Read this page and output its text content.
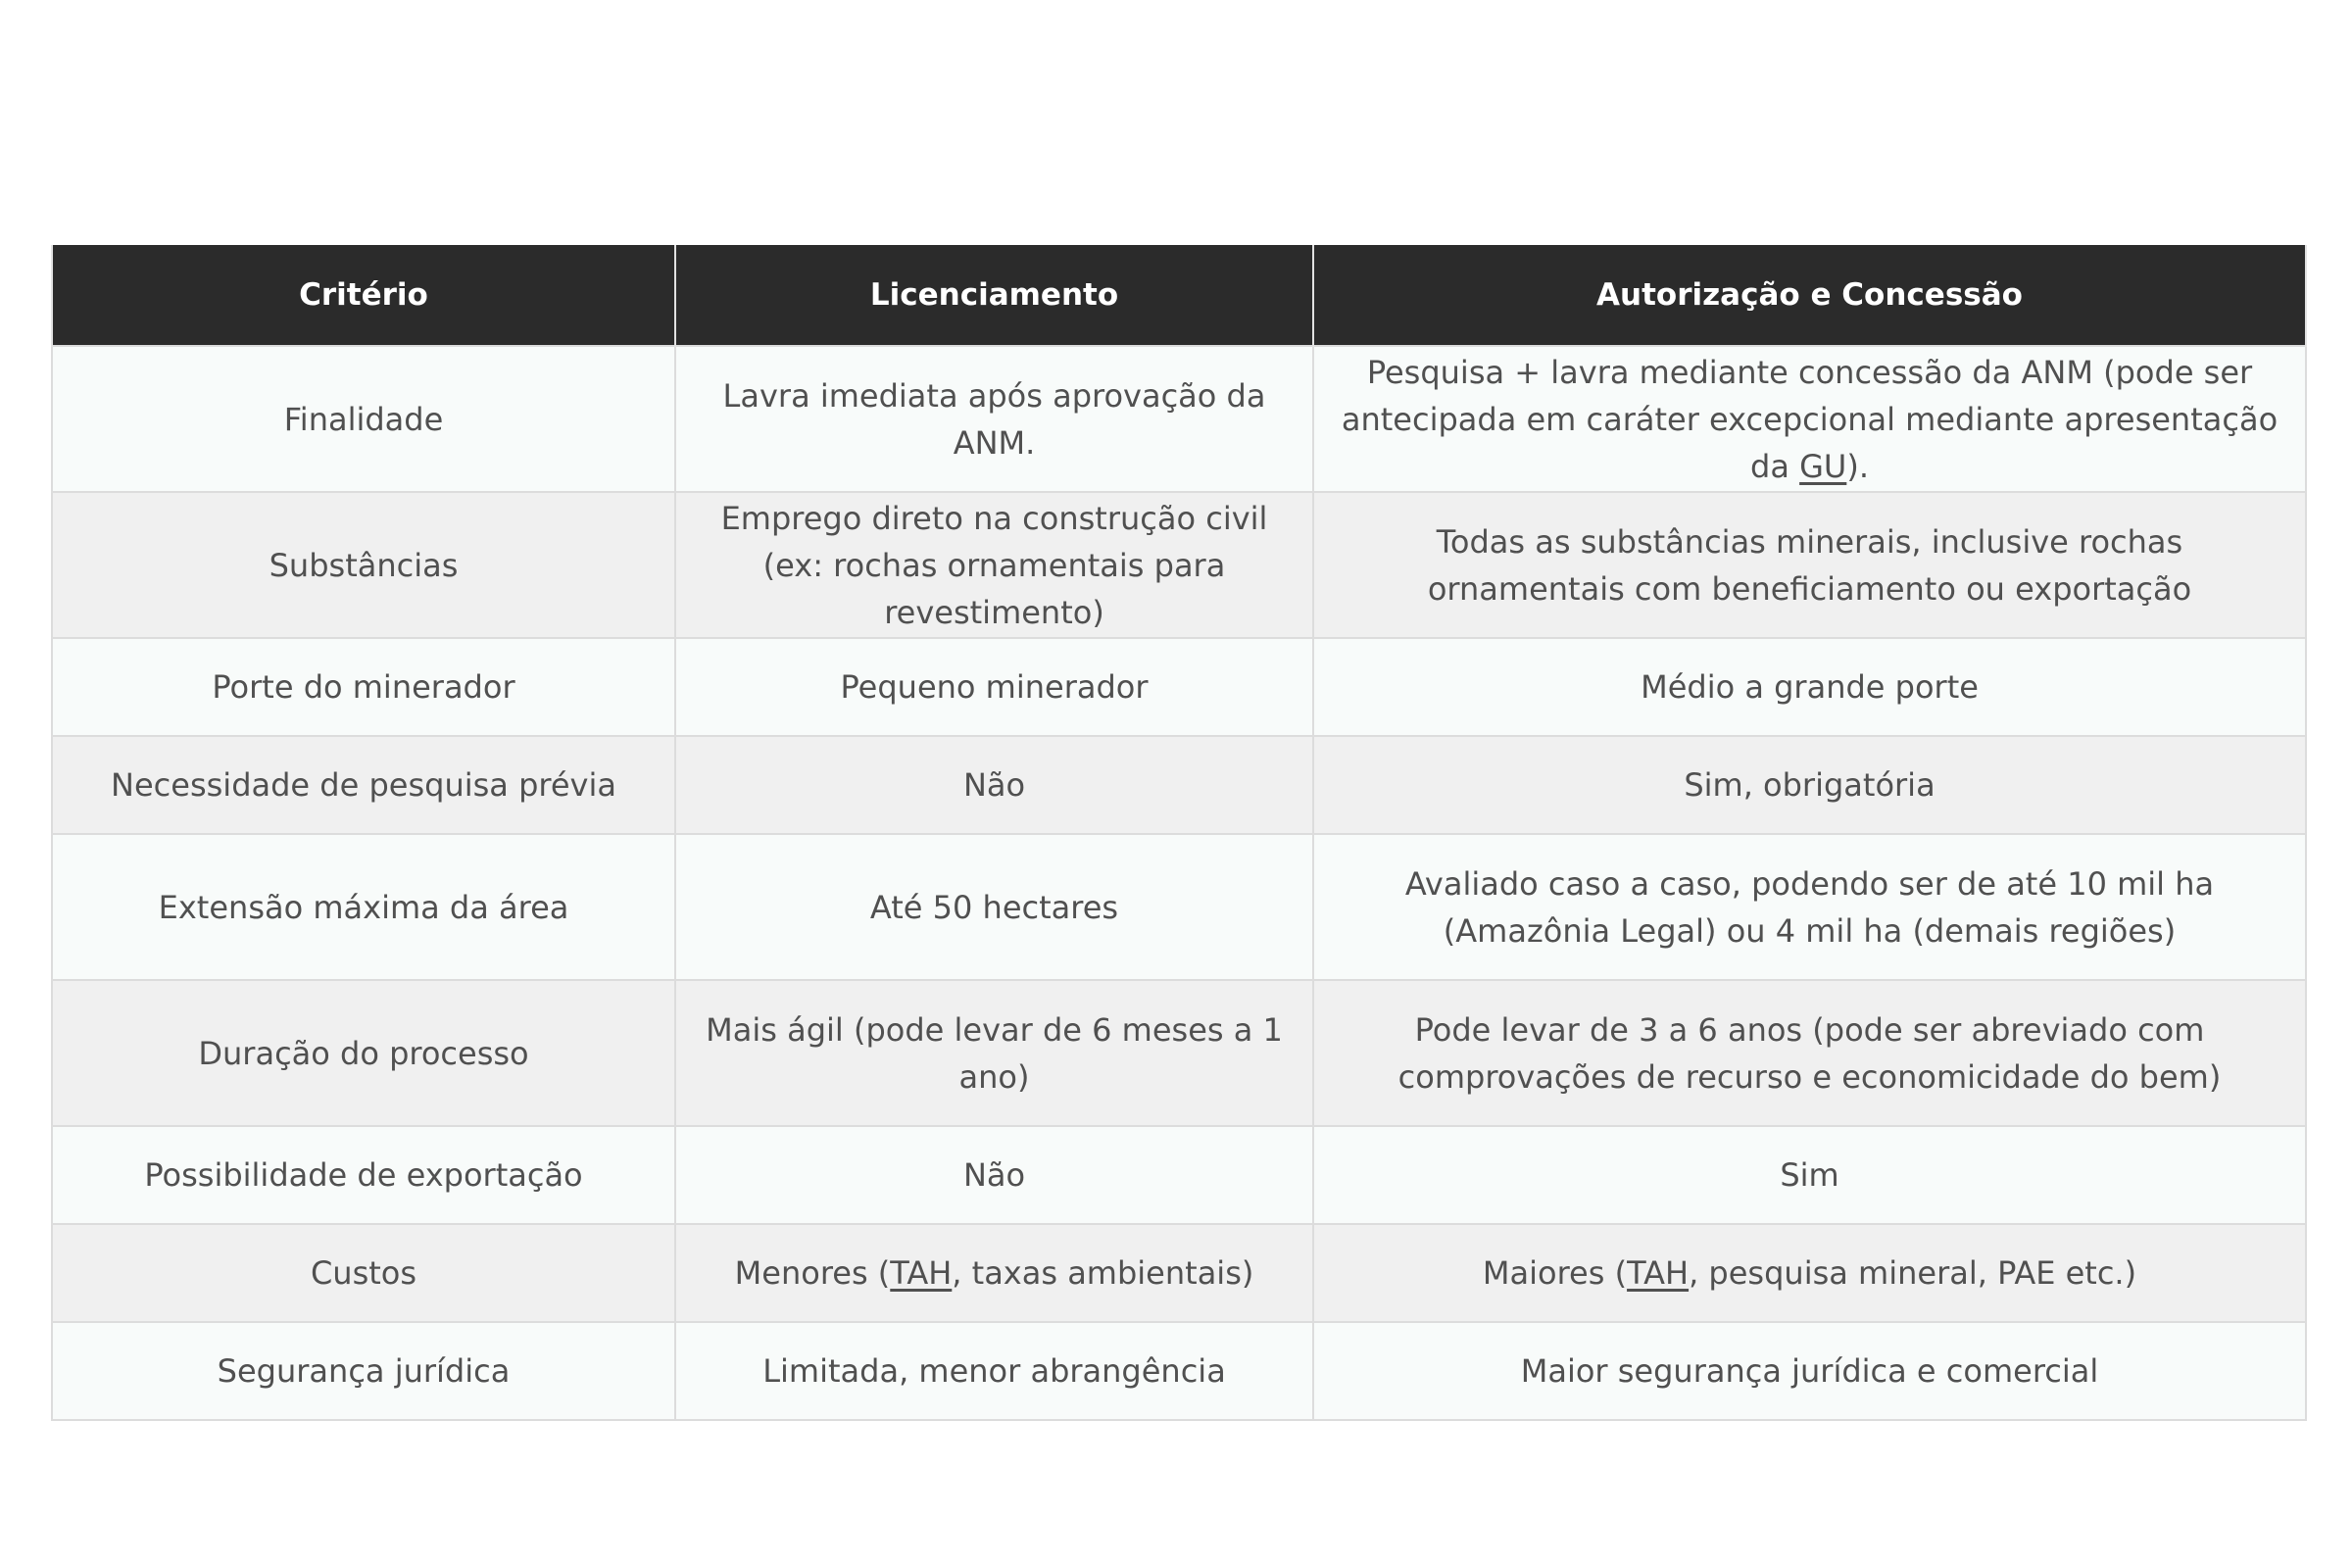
Critério	Licenciamento	Autorização e Concessão
Finalidade	Lavra imediata após aprovação da ANM.	Pesquisa + lavra mediante concessão da ANM (pode ser antecipada em caráter excepcional mediante apresentação da GU).
Substâncias	Emprego direto na construção civil (ex: rochas ornamentais para revestimento)	Todas as substâncias minerais, inclusive rochas ornamentais com beneficiamento ou exportação
Porte do minerador	Pequeno minerador	Médio a grande porte
Necessidade de pesquisa prévia	Não	Sim, obrigatória
Extensão máxima da área	Até 50 hectares	Avaliado caso a caso, podendo ser de até 10 mil ha (Amazônia Legal) ou 4 mil ha (demais regiões)
Duração do processo	Mais ágil (pode levar de 6 meses a 1 ano)	Pode levar de 3 a 6 anos (pode ser abreviado com comprovações de recurso e economicidade do bem)
Possibilidade de exportação	Não	Sim
Custos	Menores (TAH, taxas ambientais)	Maiores (TAH, pesquisa mineral, PAE etc.)
Segurança jurídica	Limitada, menor abrangência	Maior segurança jurídica e comercial
